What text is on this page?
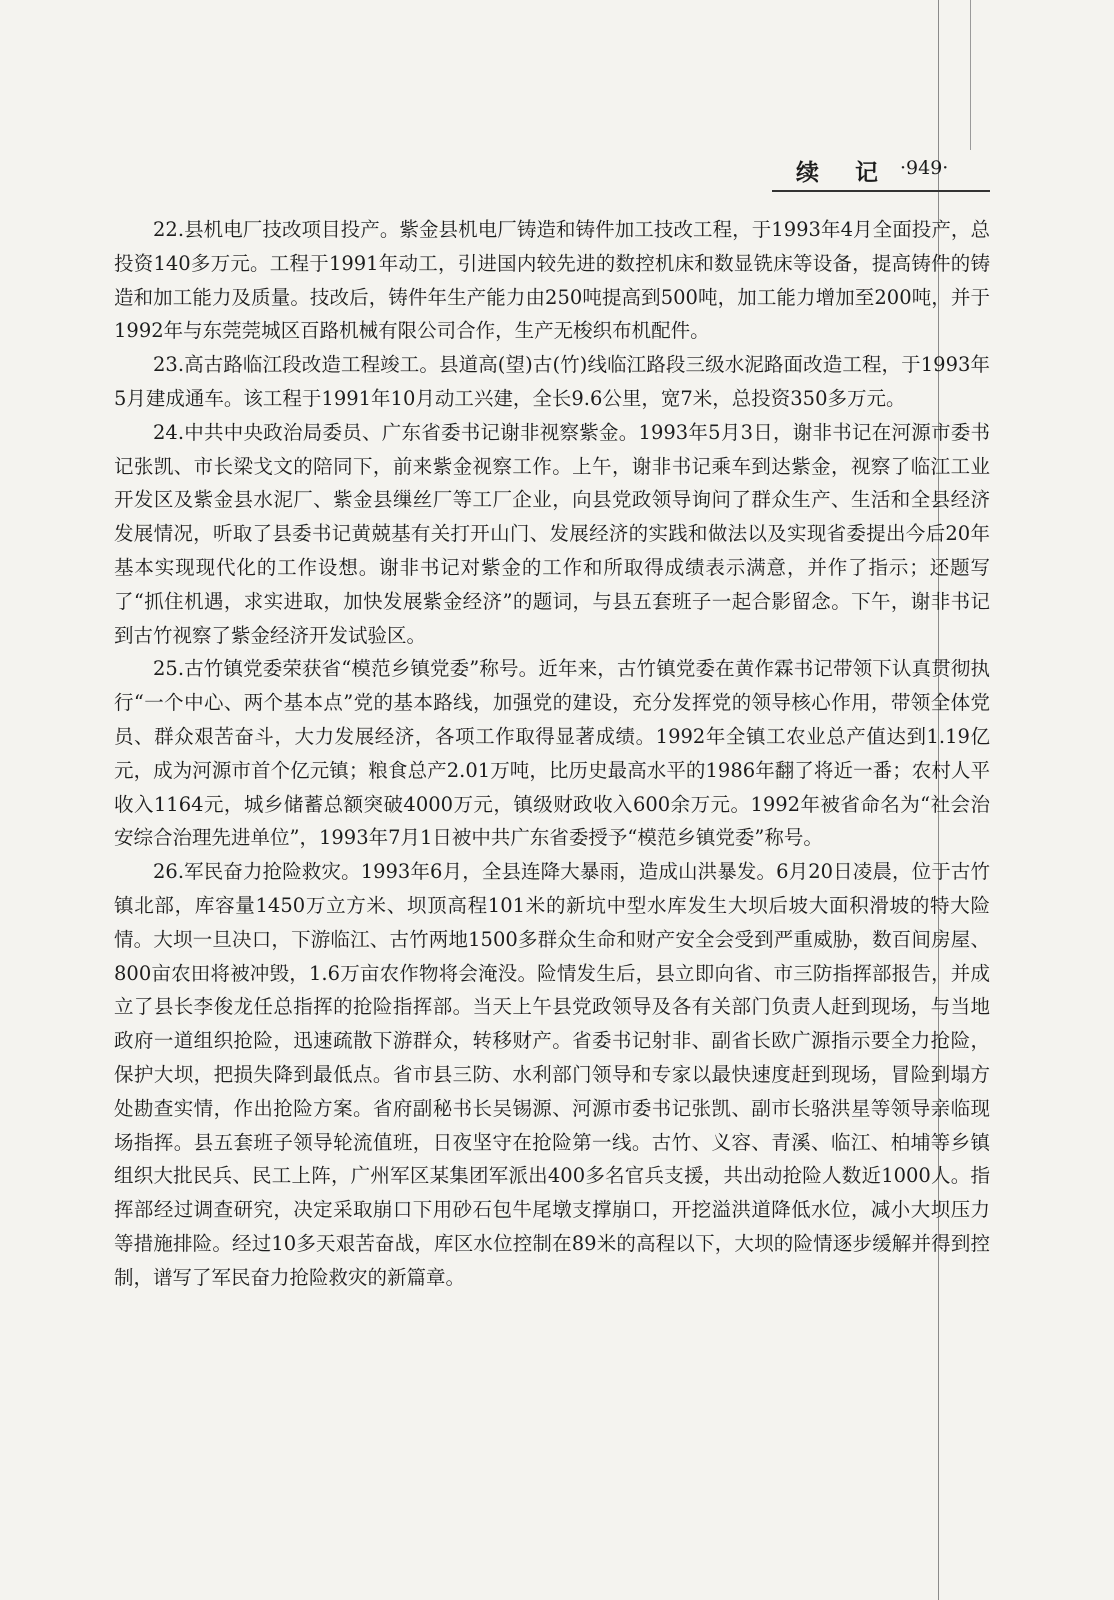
续 记 ·949·

22.县机电厂技改项目投产。紫金县机电厂铸造和铸件加工技改工程，于1993年4月全面投产，总投资140多万元。工程于1991年动工，引进国内较先进的数控机床和数显铣床等设备，提高铸件的铸造和加工能力及质量。技改后，铸件年生产能力由250吨提高到500吨，加工能力增加至200吨，并于1992年与东莞莞城区百路机械有限公司合作，生产无梭织布机配件。

23.高古路临江段改造工程竣工。县道高(望)古(竹)线临江路段三级水泥路面改造工程，于1993年5月建成通车。该工程于1991年10月动工兴建，全长9.6公里，宽7米，总投资350多万元。

24.中共中央政治局委员、广东省委书记谢非视察紫金。1993年5月3日，谢非书记在河源市委书记张凯、市长梁戈文的陪同下，前来紫金视察工作。上午，谢非书记乘车到达紫金，视察了临江工业开发区及紫金县水泥厂、紫金县缫丝厂等工厂企业，向县党政领导询问了群众生产、生活和全县经济发展情况，听取了县委书记黄兢基有关打开山门、发展经济的实践和做法以及实现省委提出今后20年基本实现现代化的工作设想。谢非书记对紫金的工作和所取得成绩表示满意，并作了指示；还题写了“抓住机遇，求实进取，加快发展紫金经济”的题词，与县五套班子一起合影留念。下午，谢非书记到古竹视察了紫金经济开发试验区。

25.古竹镇党委荣获省“模范乡镇党委”称号。近年来，古竹镇党委在黄作霖书记带领下认真贯彻执行“一个中心、两个基本点”党的基本路线，加强党的建设，充分发挥党的领导核心作用，带领全体党员、群众艰苦奋斗，大力发展经济，各项工作取得显著成绩。1992年全镇工农业总产值达到1.19亿元，成为河源市首个亿元镇；粮食总产2.01万吨，比历史最高水平的1986年翻了将近一番；农村人平收入1164元，城乡储蓄总额突破4000万元，镇级财政收入600余万元。1992年被省命名为“社会治安综合治理先进单位”，1993年7月1日被中共广东省委授予“模范乡镇党委”称号。

26.军民奋力抢险救灾。1993年6月，全县连降大暴雨，造成山洪暴发。6月20日凌晨，位于古竹镇北部，库容量1450万立方米、坝顶高程101米的新坑中型水库发生大坝后坡大面积滑坡的特大险情。大坝一旦决口，下游临江、古竹两地1500多群众生命和财产安全会受到严重威胁，数百间房屋、800亩农田将被冲毁，1.6万亩农作物将会淹没。险情发生后，县立即向省、市三防指挥部报告，并成立了县长李俊龙任总指挥的抢险指挥部。当天上午县党政领导及各有关部门负责人赶到现场，与当地政府一道组织抢险，迅速疏散下游群众，转移财产。省委书记射非、副省长欧广源指示要全力抢险，保护大坝，把损失降到最低点。省市县三防、水利部门领导和专家以最快速度赶到现场，冒险到塌方处勘查实情，作出抢险方案。省府副秘书长吴锡源、河源市委书记张凯、副市长骆洪星等领导亲临现场指挥。县五套班子领导轮流值班，日夜坚守在抢险第一线。古竹、义容、青溪、临江、柏埔等乡镇组织大批民兵、民工上阵，广州军区某集团军派出400多名官兵支援，共出动抢险人数近1000人。指挥部经过调查研究，决定采取崩口下用砂石包牛尾墩支撑崩口，开挖溢洪道降低水位，减小大坝压力等措施排险。经过10多天艰苦奋战，库区水位控制在89米的高程以下，大坝的险情逐步缓解并得到控制，谱写了军民奋力抢险救灾的新篇章。
